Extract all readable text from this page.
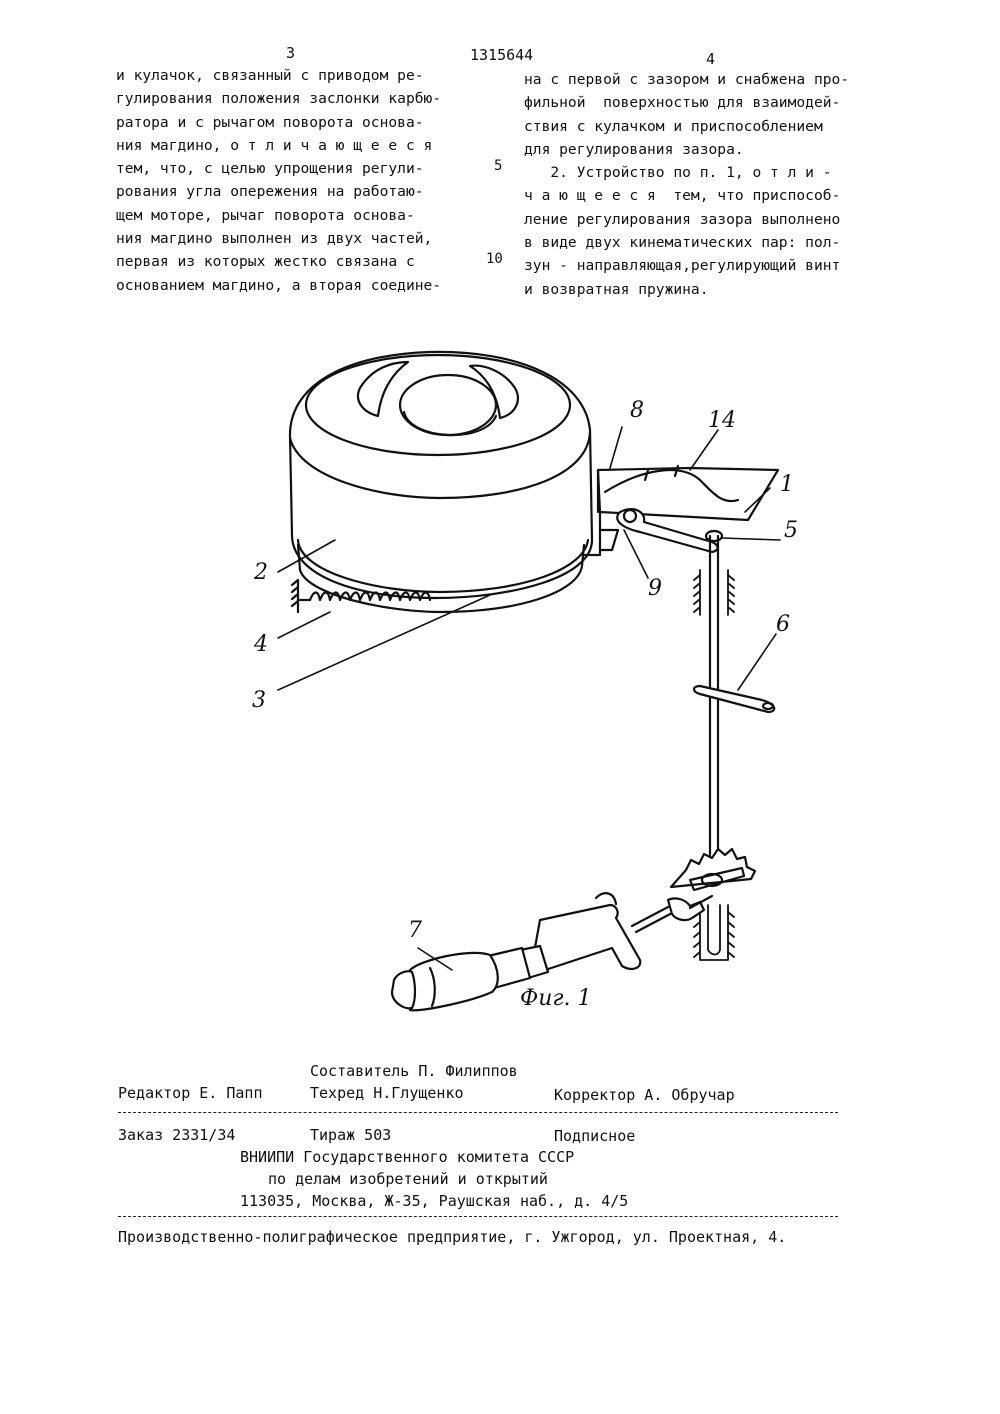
3	1315644	4
и кулачок, связанный с приводом ре-
гулирования положения заслонки карбю-
ратора и с рычагом поворота основа-
ния магдино, о т л и ч а ю щ е е с я
тем, что, с целью упрощения регули-
рования угла опережения на работаю-
щем моторе, рычаг поворота основа-
ния магдино выполнен из двух частей,
первая из которых жестко связана с
основанием магдино, а вторая соедине-
5
10
на с первой с зазором и снабжена про-
фильной  поверхностью для взаимодей-
ствия с кулачком и приспособлением
для регулирования зазора.
2. Устройство по п. 1, о т л и -
ч а ю щ е е с я  тем, что приспособ-
ление регулирования зазора выполнено
в виде двух кинематических пар: пол-
зун - направляющая,регулирующий винт
и возвратная пружина.
2
4
3
8	14
1
5
9
6
7
Фиг. 1
Составитель П. Филиппов
Редактор Е. Папп	Техред Н.Глущенко	Корректор А. Обручар
Заказ 2331/34	Тираж 503	Подписное
ВНИИПИ Государственного комитета СССР
по делам изобретений и открытий
113035, Москва, Ж-35, Раушская наб., д. 4/5
Производственно-полиграфическое предприятие, г. Ужгород, ул. Проектная, 4.
